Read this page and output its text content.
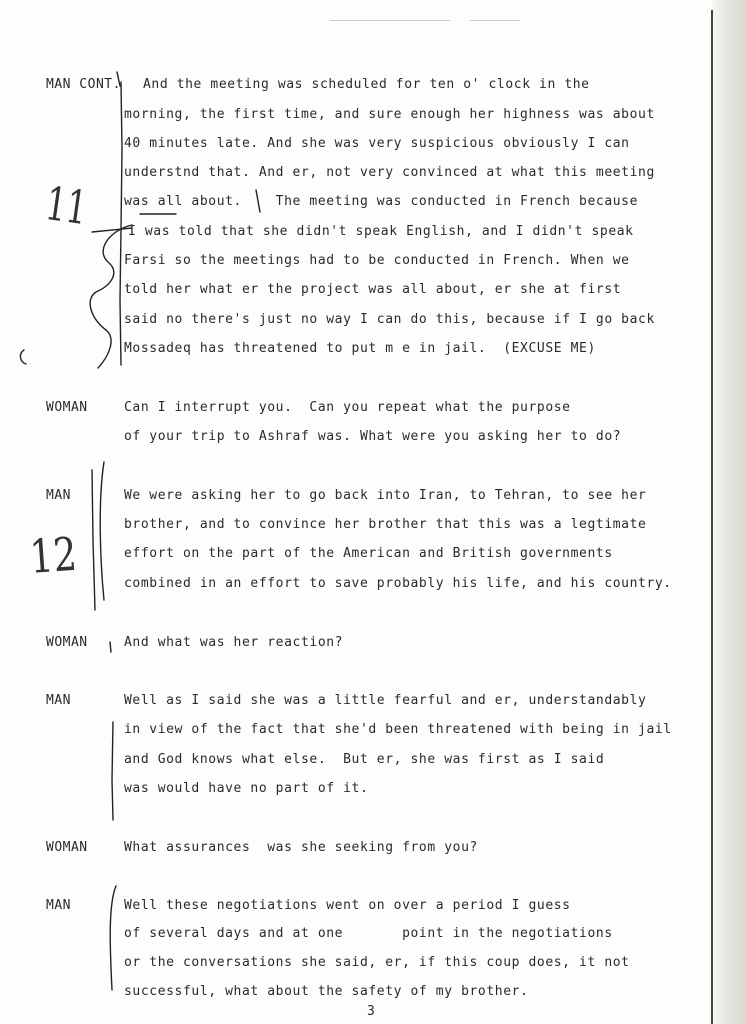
MAN CONT. And the meeting was scheduled for ten o' clock in the
morning, the first time, and sure enough her highness was about
40 minutes late. And she was very suspicious obviously I can
understnd that. And er, not very convinced at what this meeting
was all about.    The meeting was conducted in French because
I was told that she didn't speak English, and I didn't speak
Farsi so the meetings had to be conducted in French. When we
told her what er the project was all about, er she at first
said no there's just no way I can do this, because if I go back
Mossadeq has threatened to put m e in jail.  (EXCUSE ME)
WOMAN	Can I interrupt you.  Can you repeat what the purpose
of your trip to Ashraf was. What were you asking her to do?
MAN	We were asking her to go back into Iran, to Tehran, to see her
brother, and to convince her brother that this was a legtimate
effort on the part of the American and British governments
combined in an effort to save probably his life, and his country.
WOMAN	And what was her reaction?
MAN	Well as I said she was a little fearful and er, understandably
in view of the fact that she'd been threatened with being in jail
and God knows what else.  But er, she was first as I said
was would have no part of it.
WOMAN	What assurances  was she seeking from you?
MAN	Well these negotiations went on over a period I guess
of several days and at one       point in the negotiations
or the conversations she said, er, if this coup does, it not
successful, what about the safety of my brother.
11
12
3
